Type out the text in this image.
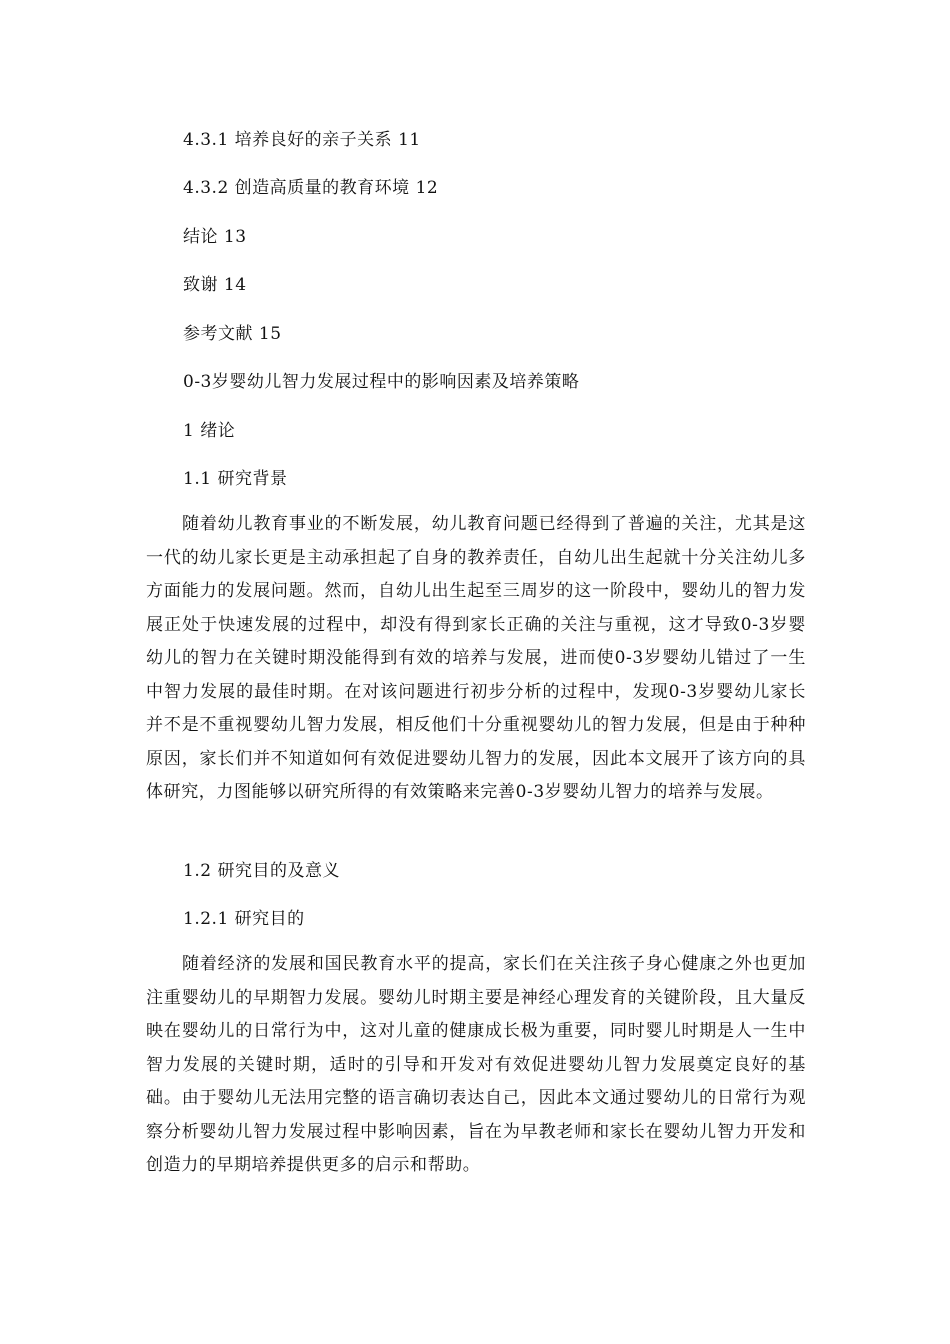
4.3.1 培养良好的亲子关系 11
4.3.2 创造高质量的教育环境 12
结论 13
致谢 14
参考文献 15
0-3岁婴幼儿智力发展过程中的影响因素及培养策略
1 绪论
1.1 研究背景
随着幼儿教育事业的不断发展，幼儿教育问题已经得到了普遍的关注，尤其是这一代的幼儿家长更是主动承担起了自身的教养责任，自幼儿出生起就十分关注幼儿多方面能力的发展问题。然而，自幼儿出生起至三周岁的这一阶段中，婴幼儿的智力发展正处于快速发展的过程中，却没有得到家长正确的关注与重视，这才导致0-3岁婴幼儿的智力在关键时期没能得到有效的培养与发展，进而使0-3岁婴幼儿错过了一生中智力发展的最佳时期。在对该问题进行初步分析的过程中，发现0-3岁婴幼儿家长并不是不重视婴幼儿智力发展，相反他们十分重视婴幼儿的智力发展，但是由于种种原因，家长们并不知道如何有效促进婴幼儿智力的发展，因此本文展开了该方向的具体研究，力图能够以研究所得的有效策略来完善0-3岁婴幼儿智力的培养与发展。
1.2 研究目的及意义
1.2.1 研究目的
随着经济的发展和国民教育水平的提高，家长们在关注孩子身心健康之外也更加注重婴幼儿的早期智力发展。婴幼儿时期主要是神经心理发育的关键阶段，且大量反映在婴幼儿的日常行为中，这对儿童的健康成长极为重要，同时婴儿时期是人一生中智力发展的关键时期，适时的引导和开发对有效促进婴幼儿智力发展奠定良好的基础。由于婴幼儿无法用完整的语言确切表达自己，因此本文通过婴幼儿的日常行为观察分析婴幼儿智力发展过程中影响因素，旨在为早教老师和家长在婴幼儿智力开发和创造力的早期培养提供更多的启示和帮助。
